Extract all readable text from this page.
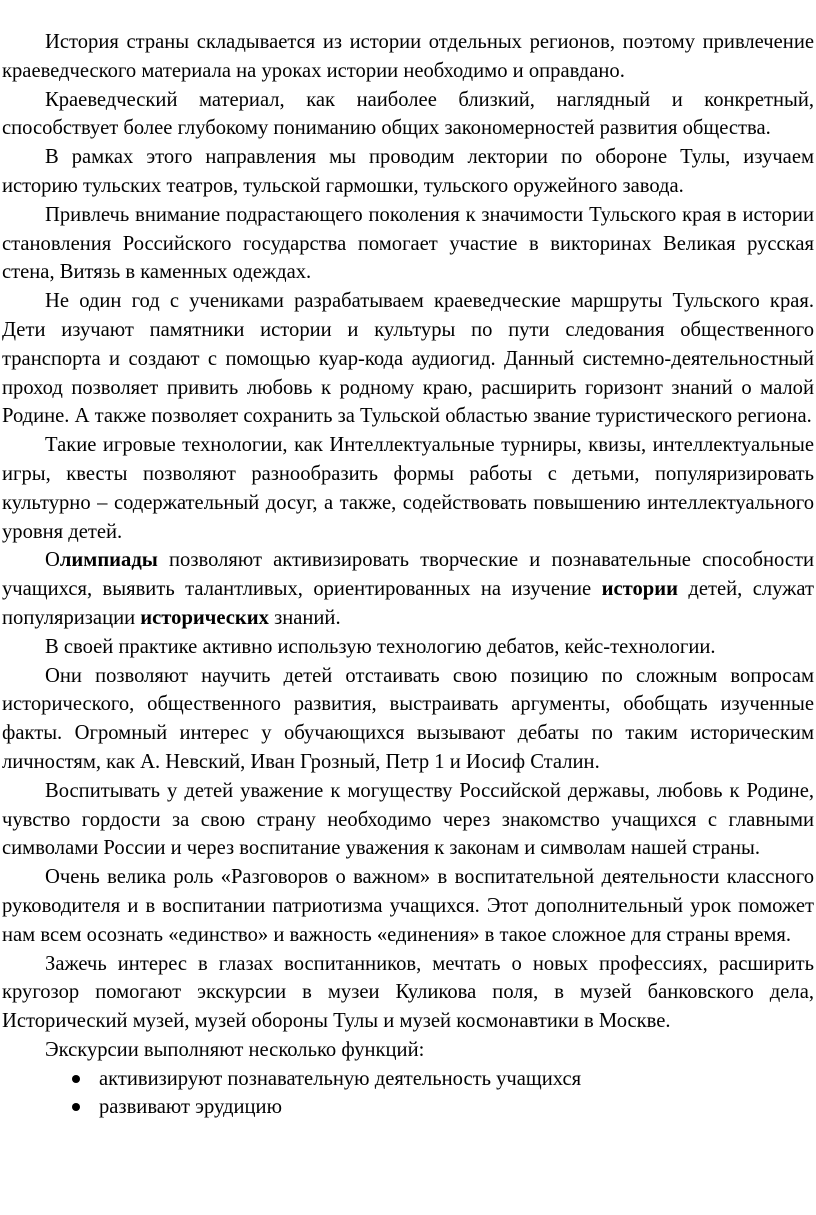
История страны складывается из истории отдельных регионов, поэтому привлечение краеведческого материала на уроках истории необходимо и оправдано.

Краеведческий материал, как наиболее близкий, наглядный и конкретный, способствует более глубокому пониманию общих закономерностей развития общества.

В рамках этого направления мы проводим лектории по обороне Тулы, изучаем историю тульских театров, тульской гармошки, тульского оружейного завода.

Привлечь внимание подрастающего поколения к значимости Тульского края в истории становления Российского государства помогает участие в викторинах Великая русская стена, Витязь в каменных одеждах.

Не один год с учениками разрабатываем краеведческие маршруты Тульского края. Дети изучают памятники истории и культуры по пути следования общественного транспорта и создают с помощью куар-кода аудиогид. Данный системно-деятельностный проход позволяет привить любовь к родному краю, расширить горизонт знаний о малой Родине. А также позволяет сохранить за Тульской областью звание туристического региона.

Такие игровые технологии, как Интеллектуальные турниры, квизы, интеллектуальные игры, квесты позволяют разнообразить формы работы с детьми, популяризировать культурно – содержательный досуг, а также, содействовать повышению интеллектуального уровня детей.

Олимпиады позволяют активизировать творческие и познавательные способности учащихся, выявить талантливых, ориентированных на изучение истории детей, служат популяризации исторических знаний.

В своей практике активно использую технологию дебатов, кейс-технологии.

Они позволяют научить детей отстаивать свою позицию по сложным вопросам исторического, общественного развития, выстраивать аргументы, обобщать изученные факты. Огромный интерес у обучающихся вызывают дебаты по таким историческим личностям, как А. Невский, Иван Грозный, Петр 1 и Иосиф Сталин.

Воспитывать у детей уважение к могуществу Российской державы, любовь к Родине, чувство гордости за свою страну необходимо через знакомство учащихся с главными символами России и через воспитание уважения к законам и символам нашей страны.

Очень велика роль «Разговоров о важном» в воспитательной деятельности классного руководителя и в воспитании патриотизма учащихся. Этот дополнительный урок поможет нам всем осознать «единство» и важность «единения» в такое сложное для страны время.

Зажечь интерес в глазах воспитанников, мечтать о новых профессиях, расширить кругозор помогают экскурсии в музеи Куликова поля, в музей банковского дела, Исторический музей, музей обороны Тулы и музей космонавтики в Москве.

Экскурсии выполняют несколько функций:

активизируют познавательную деятельность учащихся
развивают эрудицию
